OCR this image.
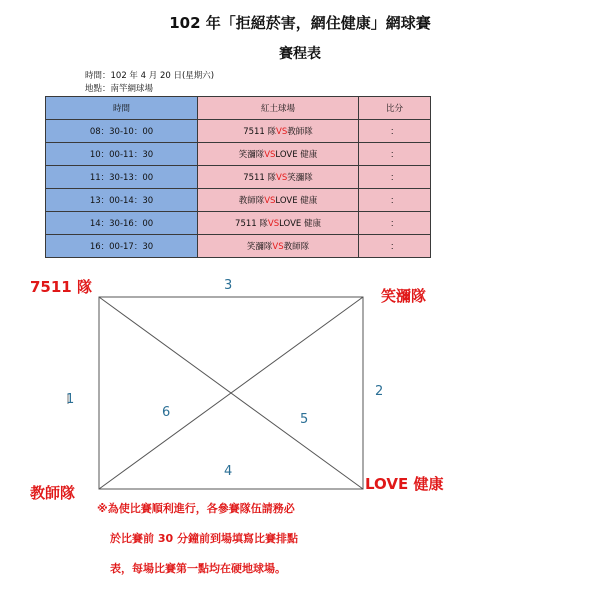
102 年「拒絕菸害，網住健康」網球賽
賽程表
時間：102 年 4 月 20 日(星期六)
地點：南竿網球場
時間	紅土球場	比分
08：30-10：00	7511 隊VS教師隊	：
10：00-11：30	笑瀰隊VSLOVE 健康	：
11：30-13：00	7511 隊VS笑瀰隊	：
13：00-14：30	教師隊VSLOVE 健康	：
14：30-16：00	7511 隊VSLOVE 健康	：
16：00-17：30	笑瀰隊VS教師隊	：
7511 隊	笑瀰隊
教師隊	LOVE 健康
3
2
4
1
6	5
※為使比賽順利進行，各參賽隊伍請務必
於比賽前 30 分鐘前到場填寫比賽排點
表，每場比賽第一點均在硬地球場。
